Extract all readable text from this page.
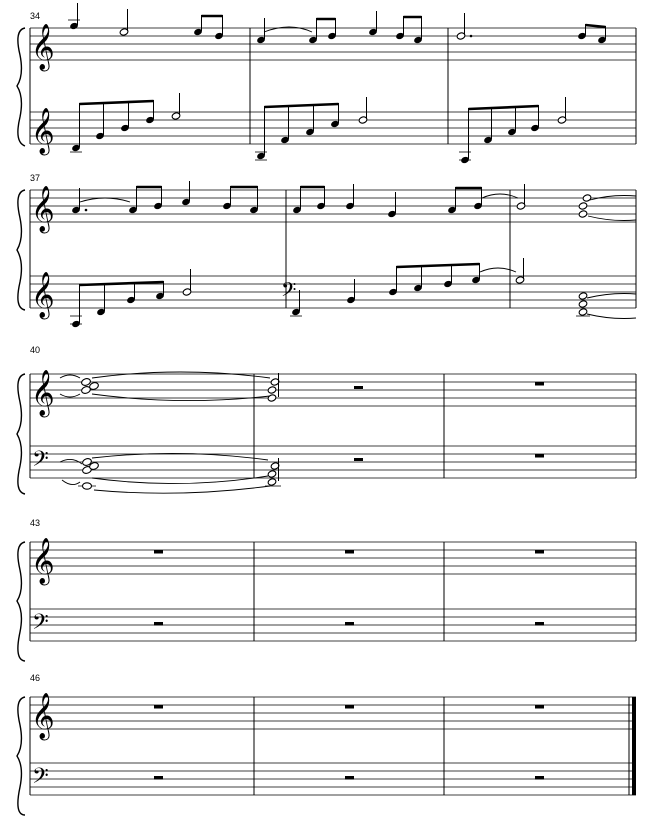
34
𝄞
𝄞
37
𝄞
𝄞	𝄢
40
𝄞
𝄢
43
𝄞
𝄢
46
𝄞
𝄢
